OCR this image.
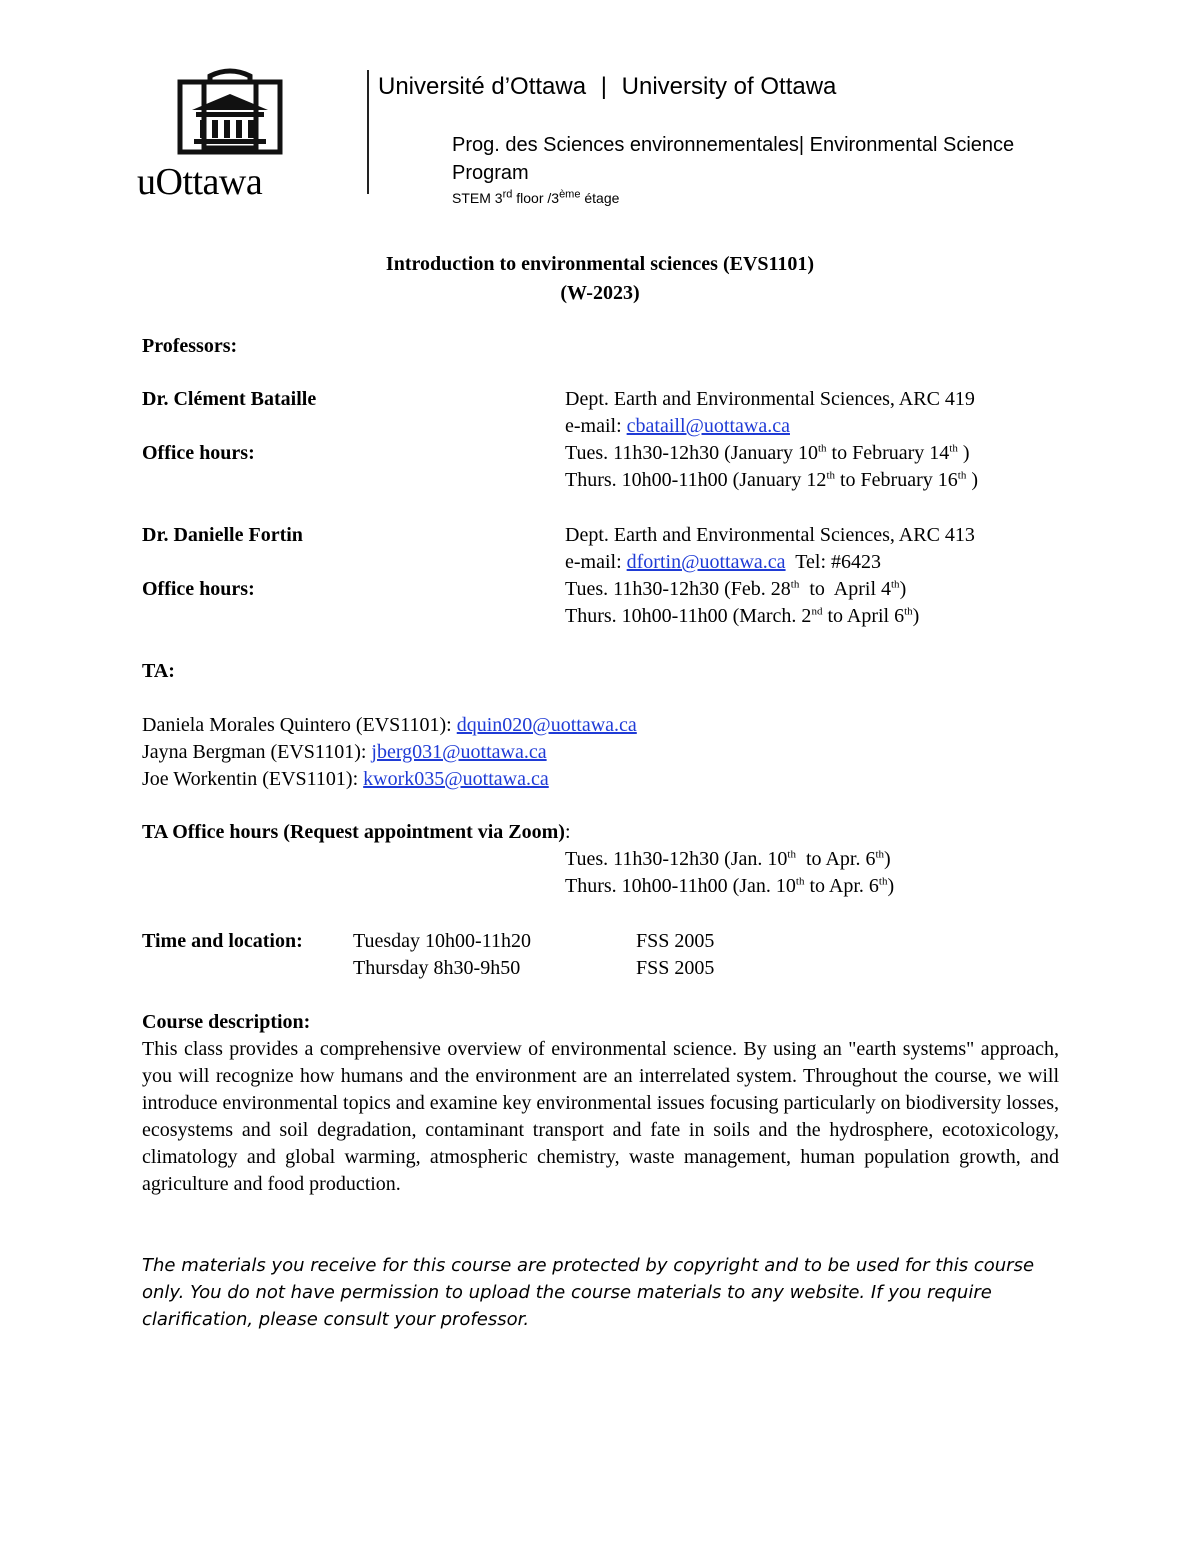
uOttawa
Université d’Ottawa | University of Ottawa
Prog. des Sciences environnementales| Environmental Science
Program
STEM 3rd floor /3ème étage
Introduction to environmental sciences (EVS1101)
(W-2023)
Professors:
Dr. Clément Bataille	Dept. Earth and Environmental Sciences, ARC 419
e-mail: cbataill@uottawa.ca
Office hours:	Tues. 11h30-12h30 (January 10th to February 14th )
Thurs. 10h00-11h00 (January 12th to February 16th )
Dr. Danielle Fortin	Dept. Earth and Environmental Sciences, ARC 413
e-mail: dfortin@uottawa.ca  Tel: #6423
Office hours:	Tues. 11h30-12h30 (Feb. 28th  to  April 4th)
Thurs. 10h00-11h00 (March. 2nd to April 6th)
TA:
Daniela Morales Quintero (EVS1101): dquin020@uottawa.ca
Jayna Bergman (EVS1101): jberg031@uottawa.ca
Joe Workentin (EVS1101): kwork035@uottawa.ca
TA Office hours (Request appointment via Zoom):
Tues. 11h30-12h30 (Jan. 10th  to Apr. 6th)
Thurs. 10h00-11h00 (Jan. 10th to Apr. 6th)
Time and location:	Tuesday 10h00-11h20	FSS 2005
Thursday 8h30-9h50	FSS 2005
Course description:
This class provides a comprehensive overview of environmental science. By using an "earth systems" approach, you will recognize how humans and the environment are an interrelated system. Throughout the course, we will introduce environmental topics and examine key environmental issues focusing particularly on biodiversity losses, ecosystems and soil degradation, contaminant transport and fate in soils and the hydrosphere, ecotoxicology, climatology and global warming, atmospheric chemistry, waste management, human population growth, and agriculture and food production.
The materials you receive for this course are protected by copyright and to be used for this course only. You do not have permission to upload the course materials to any website. If you require clarification, please consult your professor.
